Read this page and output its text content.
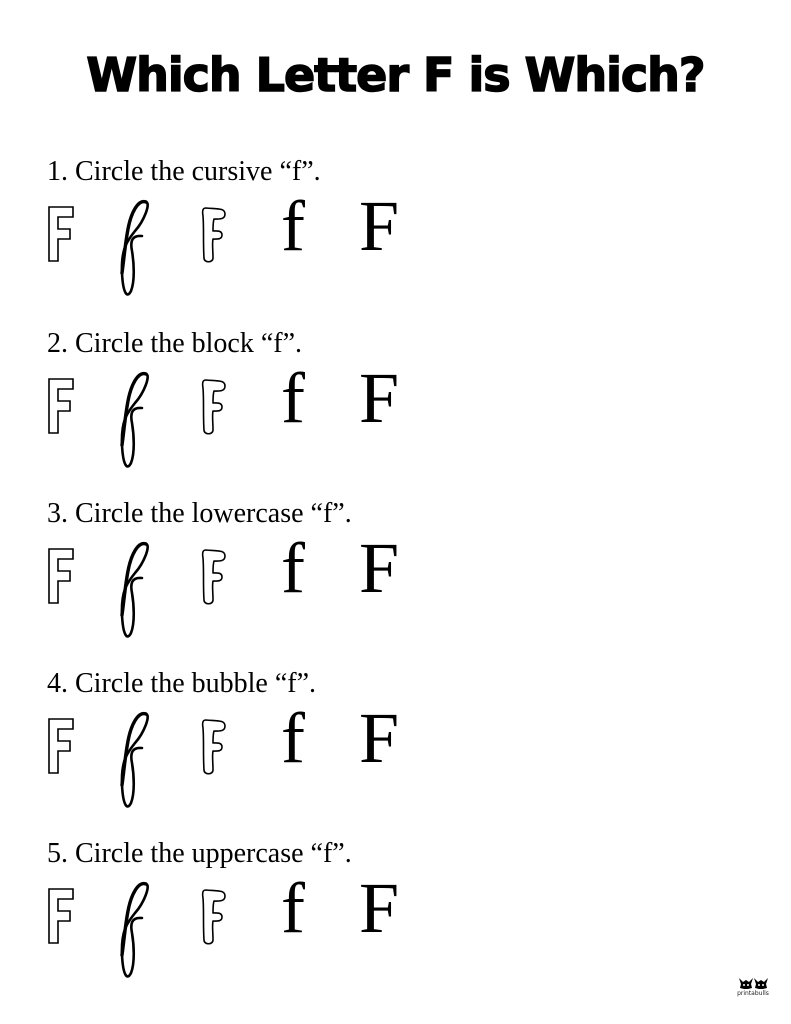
Which Letter F is Which?
1. Circle the cursive “f”.
f F
2. Circle the block “f”.
f F
3. Circle the lowercase “f”.
f F
4. Circle the bubble “f”.
f F
5. Circle the uppercase “f”.
f F
printabulls
